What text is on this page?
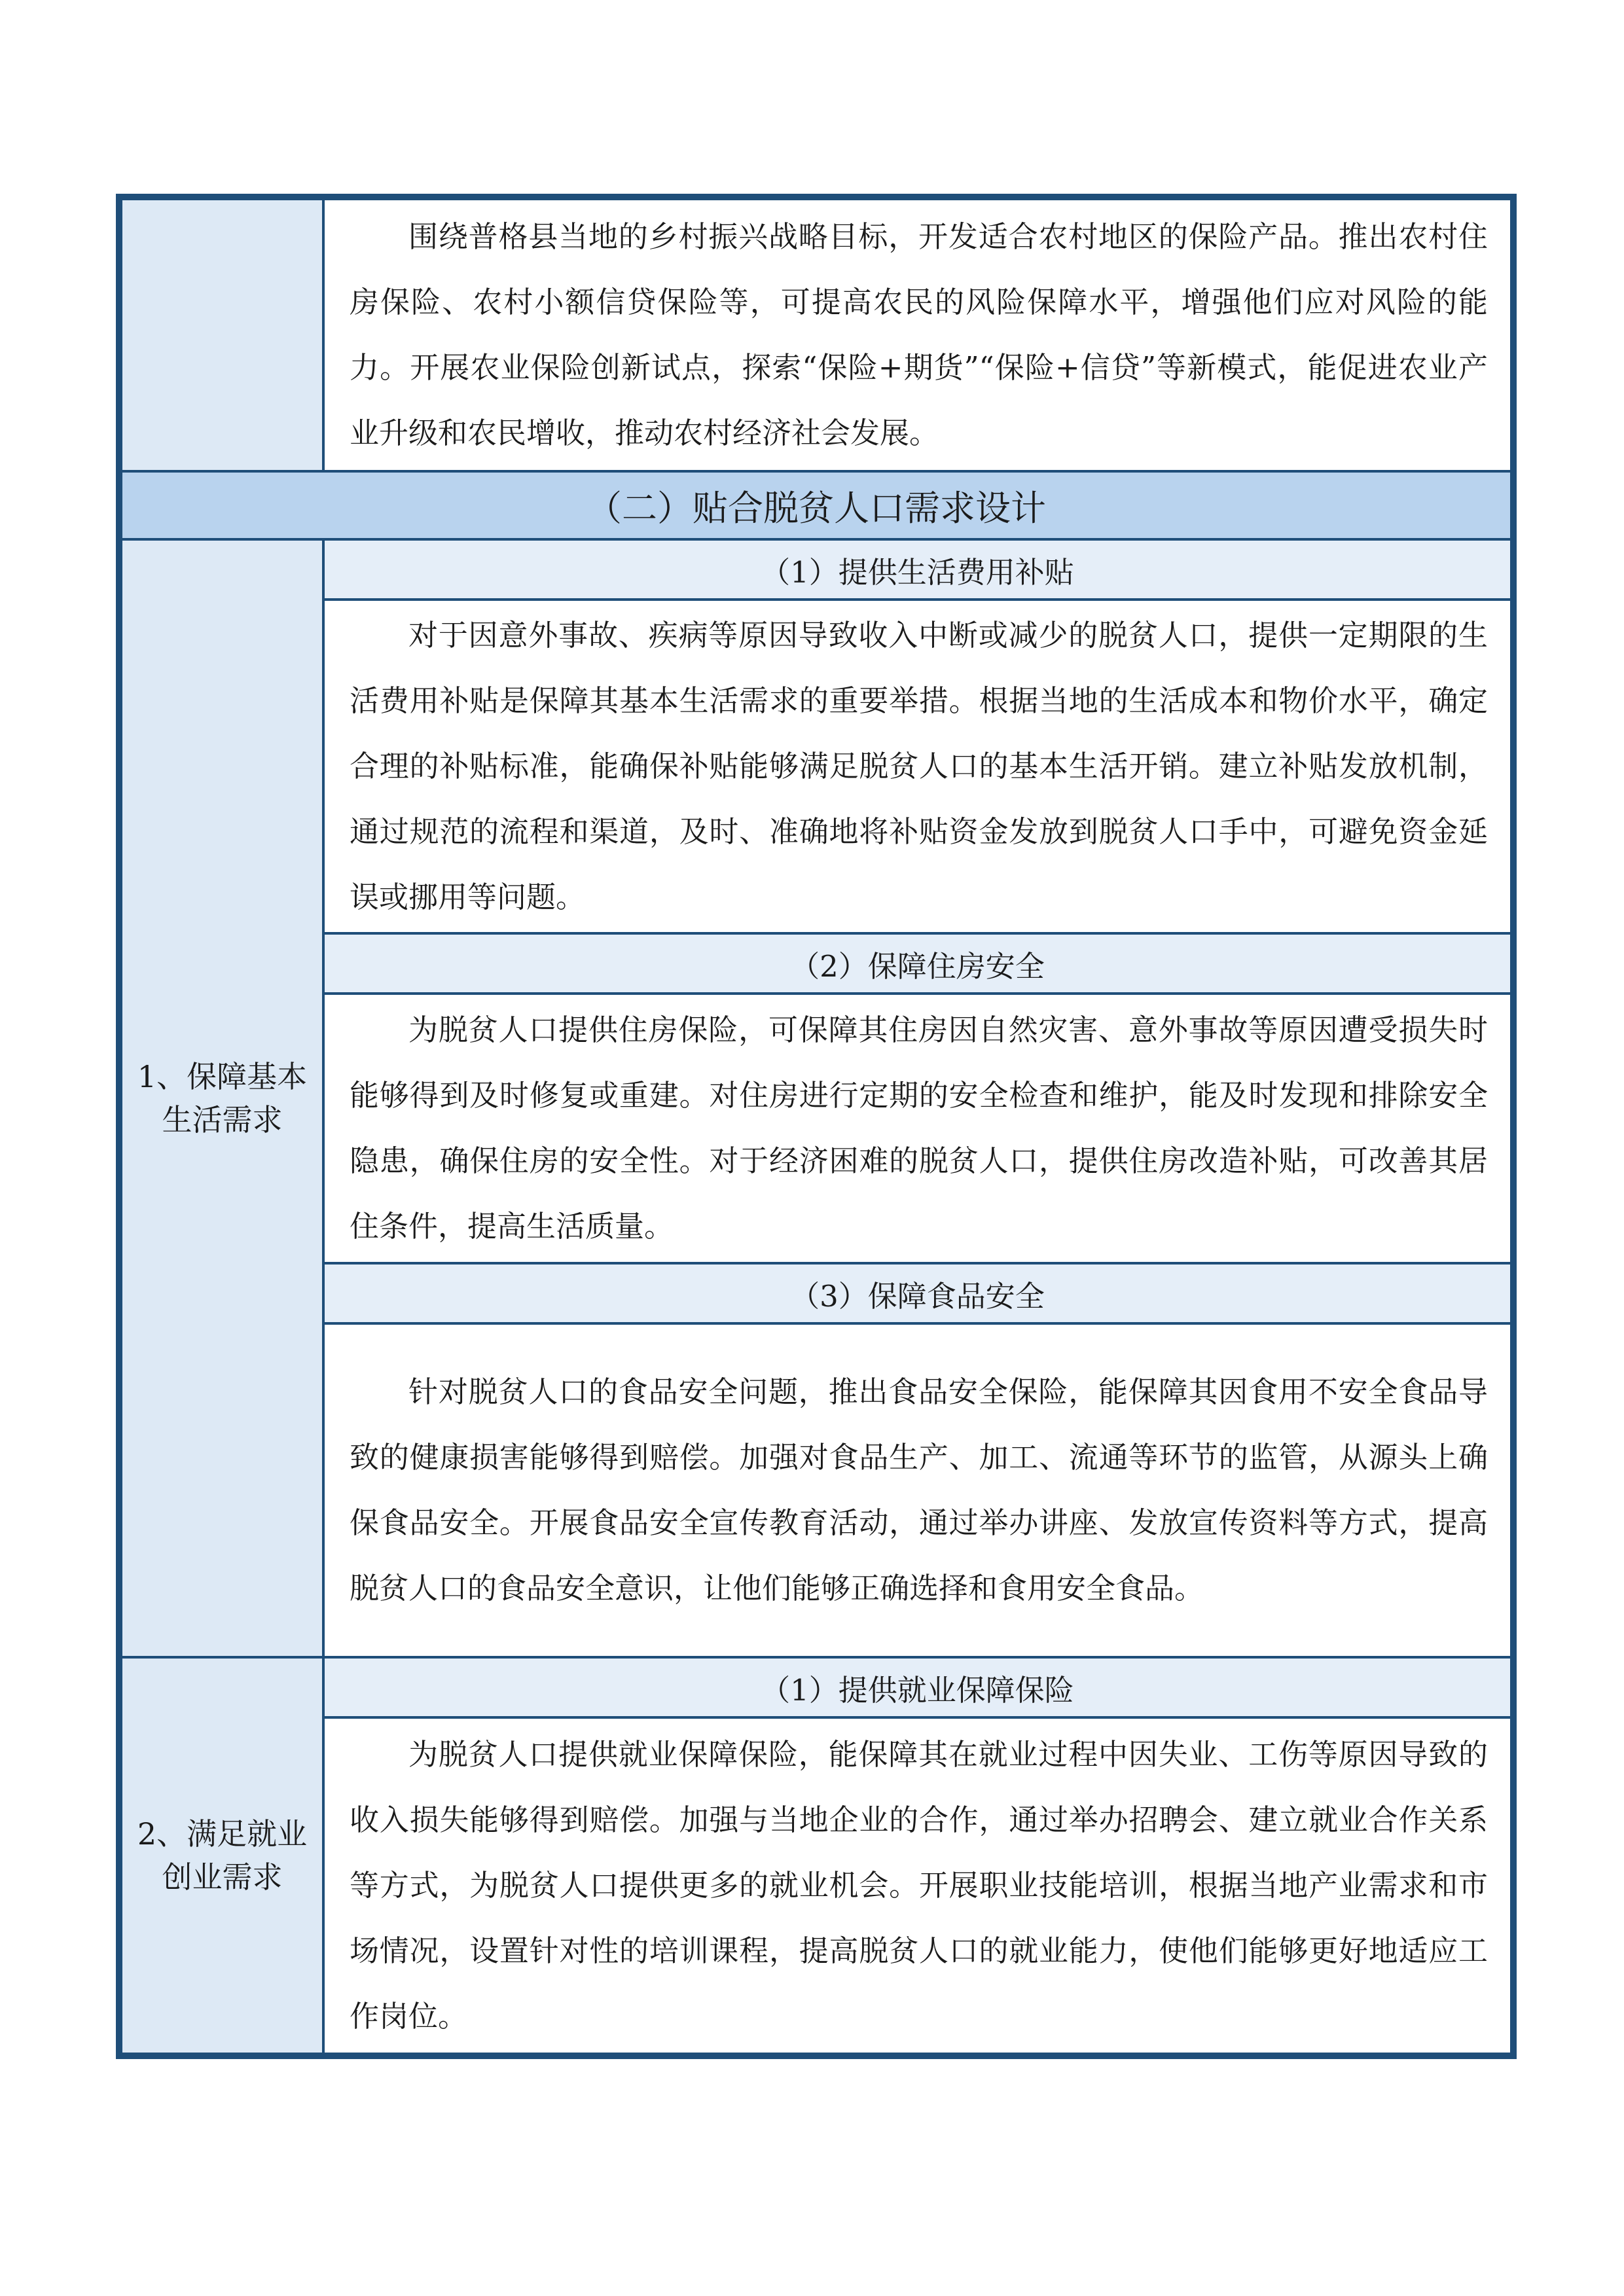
	围绕普格县当地的乡村振兴战略目标，开发适合农村地区的保险产品。推出农村住房保险、农村小额信贷保险等，可提高农民的风险保障水平，增强他们应对风险的能力。开展农业保险创新试点，探索“保险+期货”“保险+信贷”等新模式，能促进农业产业升级和农民增收，推动农村经济社会发展。

（二）贴合脱贫人口需求设计	
1、保障基本生活需求	（1）提供生活费用补贴

	对于因意外事故、疾病等原因导致收入中断或减少的脱贫人口，提供一定期限的生活费用补贴是保障其基本生活需求的重要举措。根据当地的生活成本和物价水平，确定合理的补贴标准，能确保补贴能够满足脱贫人口的基本生活开销。建立补贴发放机制，通过规范的流程和渠道，及时、准确地将补贴资金发放到脱贫人口手中，可避免资金延误或挪用等问题。

	（2）保障住房安全

	为脱贫人口提供住房保险，可保障其住房因自然灾害、意外事故等原因遭受损失时能够得到及时修复或重建。对住房进行定期的安全检查和维护，能及时发现和排除安全隐患，确保住房的安全性。对于经济困难的脱贫人口，提供住房改造补贴，可改善其居住条件，提高生活质量。

	（3）保障食品安全

	针对脱贫人口的食品安全问题，推出食品安全保险，能保障其因食用不安全食品导致的健康损害能够得到赔偿。加强对食品生产、加工、流通等环节的监管，从源头上确保食品安全。开展食品安全宣传教育活动，通过举办讲座、发放宣传资料等方式，提高脱贫人口的食品安全意识，让他们能够正确选择和食用安全食品。

2、满足就业创业需求	（1）提供就业保障保险

	为脱贫人口提供就业保障保险，能保障其在就业过程中因失业、工伤等原因导致的收入损失能够得到赔偿。加强与当地企业的合作，通过举办招聘会、建立就业合作关系等方式，为脱贫人口提供更多的就业机会。开展职业技能培训，根据当地产业需求和市场情况，设置针对性的培训课程，提高脱贫人口的就业能力，使他们能够更好地适应工作岗位。
